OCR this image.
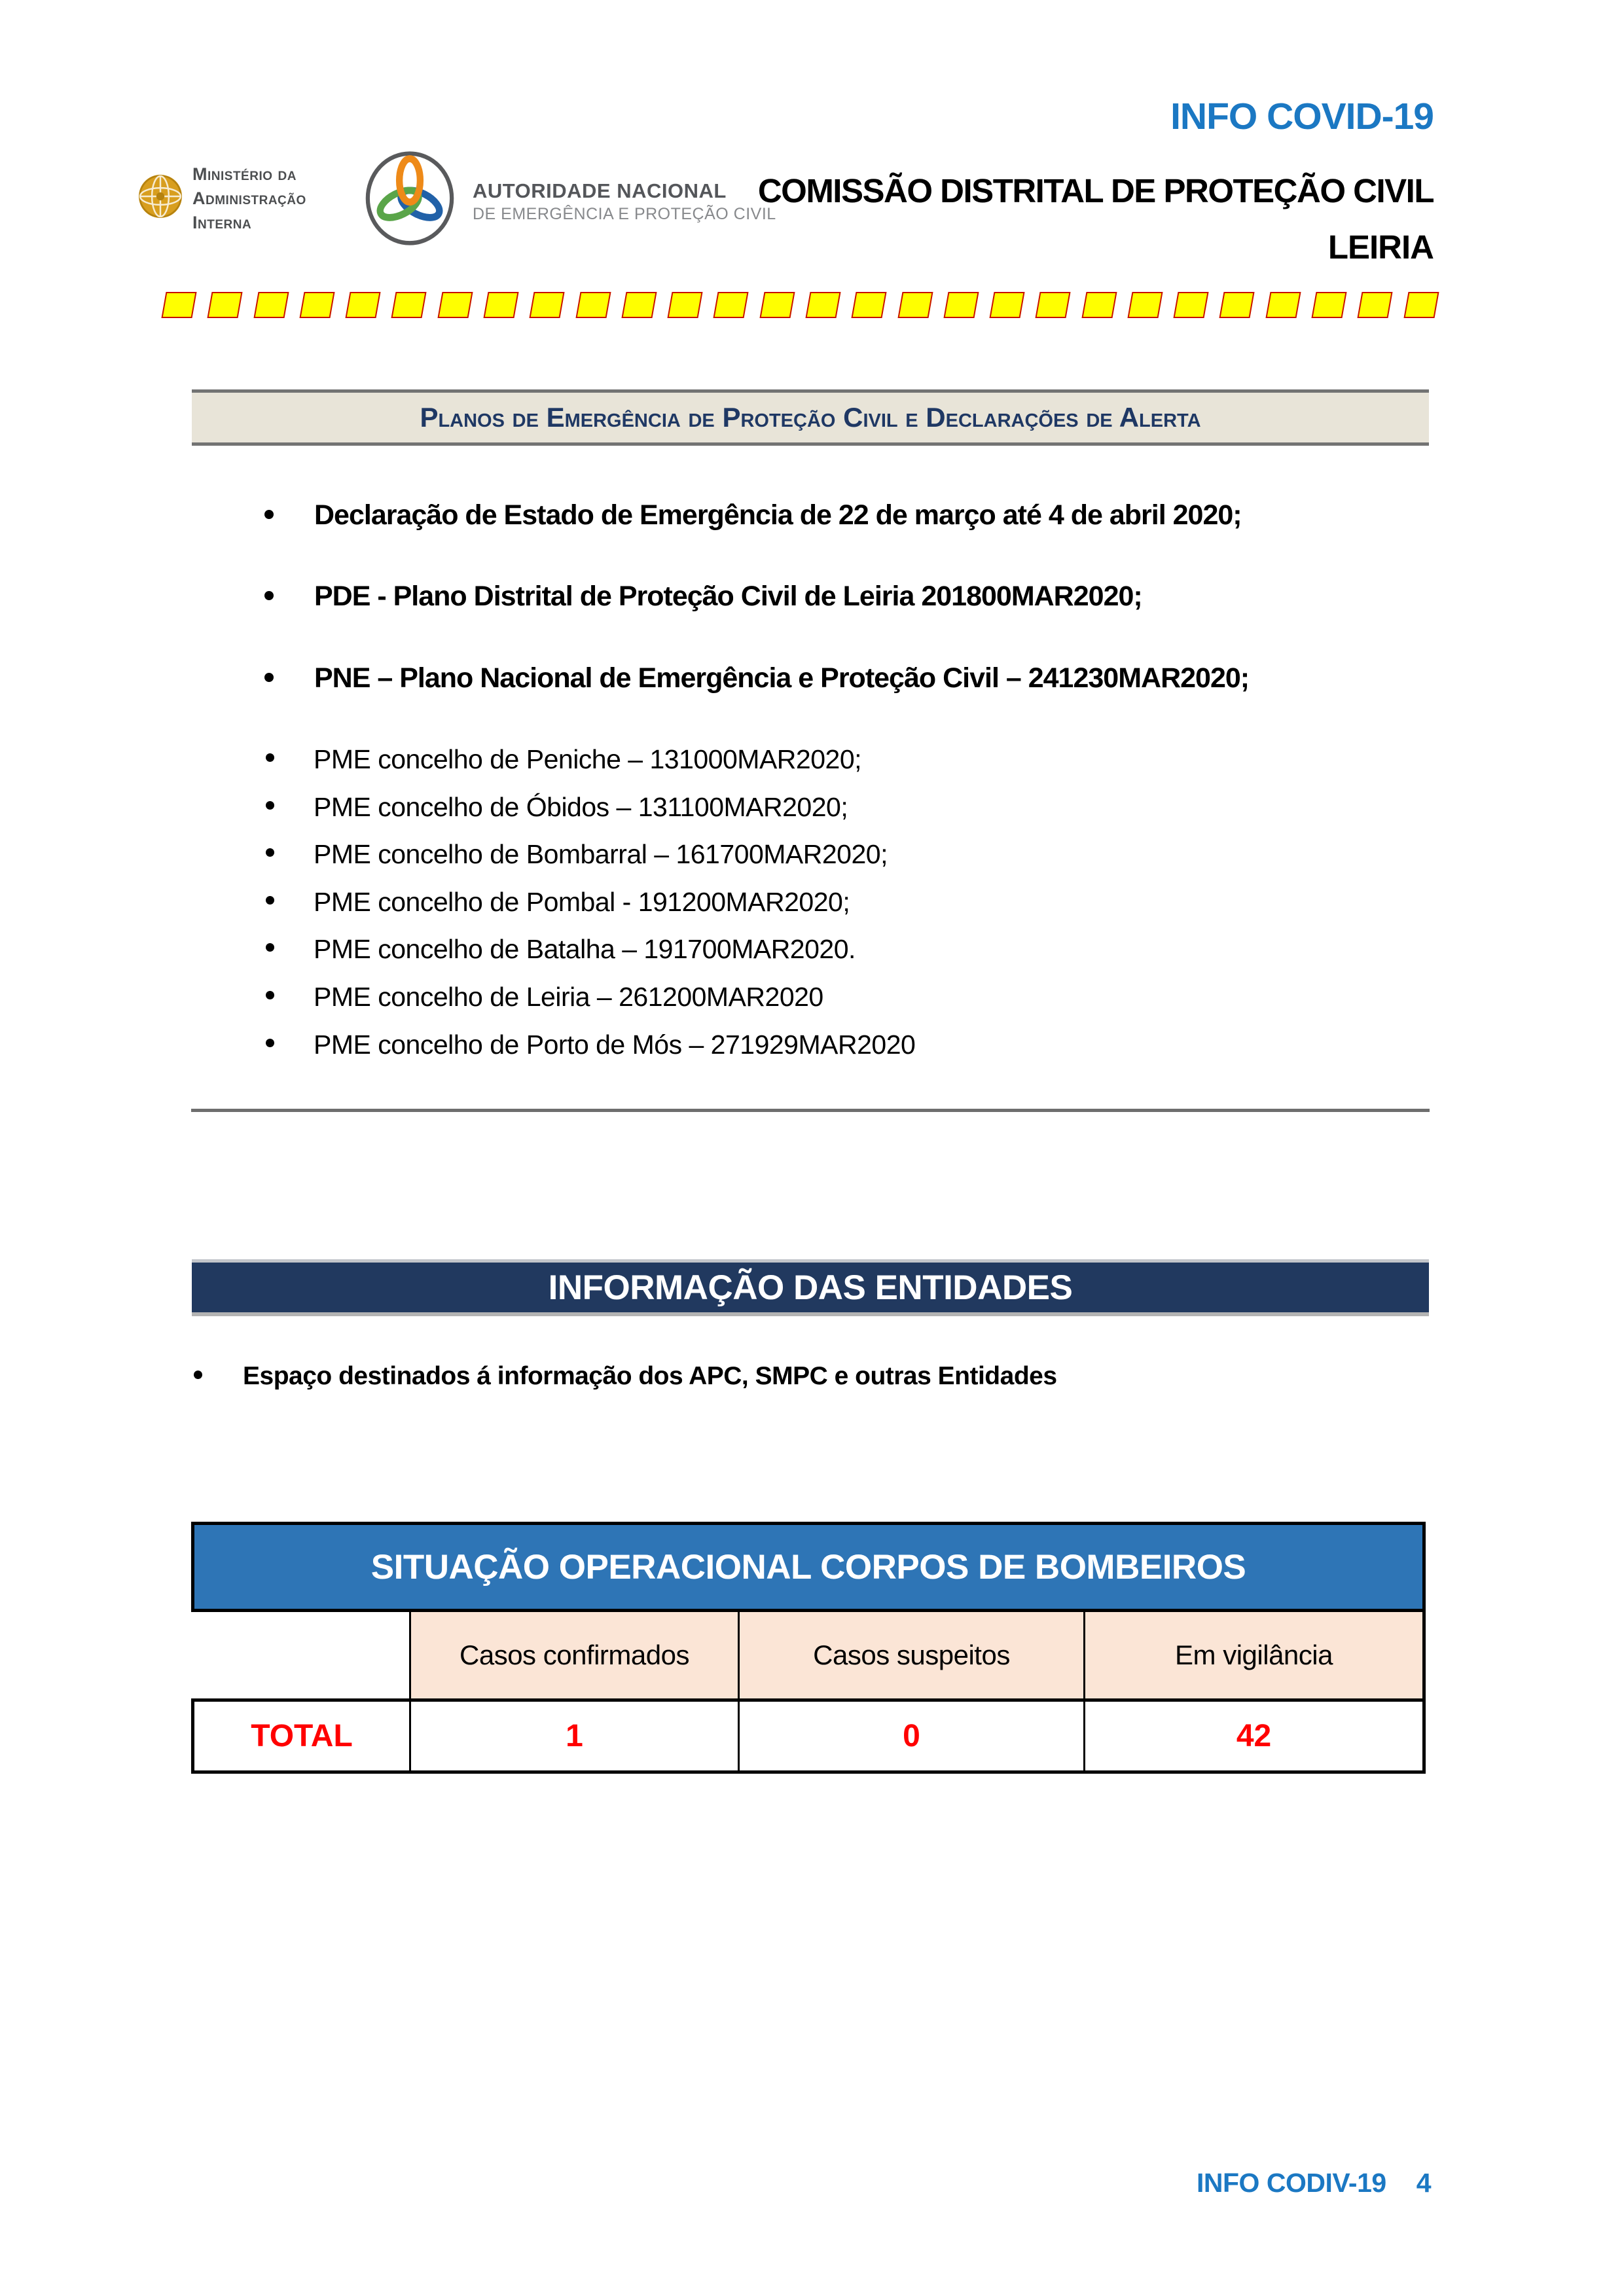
Ministério da
Administração
Interna
AUTORIDADE NACIONAL
DE EMERGÊNCIA E PROTEÇÃO CIVIL
INFO COVID-19
COMISSÃO DISTRITAL DE PROTEÇÃO CIVIL
LEIRIA
Planos de Emergência de Proteção Civil e Declarações de Alerta
Declaração de Estado de Emergência de 22 de março até 4 de abril 2020;
PDE - Plano Distrital de Proteção Civil de Leiria 201800MAR2020;
PNE – Plano Nacional de Emergência e Proteção Civil – 241230MAR2020;
PME concelho de Peniche – 131000MAR2020;
PME concelho de Óbidos – 131100MAR2020;
PME concelho de Bombarral – 161700MAR2020;
PME concelho de Pombal - 191200MAR2020;
PME concelho de Batalha – 191700MAR2020.
PME concelho de Leiria – 261200MAR2020
PME concelho de Porto de Mós – 271929MAR2020
INFORMAÇÃO DAS ENTIDADES
Espaço destinados á informação dos APC, SMPC e outras Entidades
SITUAÇÃO OPERACIONAL CORPOS DE BOMBEIROS			
	Casos confirmados	Casos suspeitos	Em vigilância
TOTAL	1	0	42
INFO CODIV-19 4
